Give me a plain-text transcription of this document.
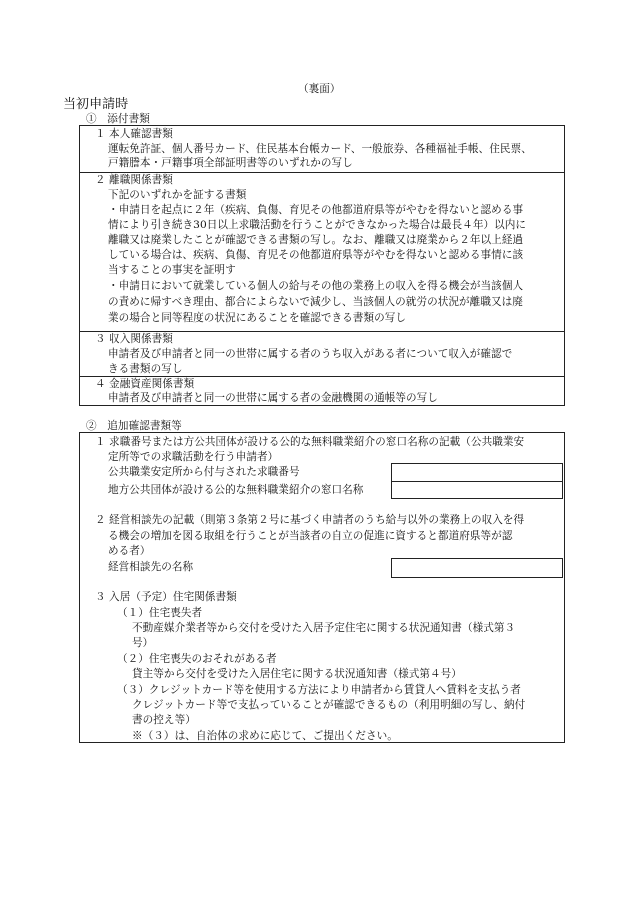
（裏面）
当初申請時
①　添付書類
１ 本人確認書類
運転免許証、個人番号カード、住民基本台帳カード、一般旅券、各種福祉手帳、住民票、
戸籍謄本・戸籍事項全部証明書等のいずれかの写し
２ 離職関係書類
下記のいずれかを証する書類
・申請日を起点に２年（疾病、負傷、育児その他都道府県等がやむを得ないと認める事
情により引き続き30日以上求職活動を行うことができなかった場合は最長４年）以内に
離職又は廃業したことが確認できる書類の写し。なお、離職又は廃業から２年以上経過
している場合は、疾病、負傷、育児その他都道府県等がやむを得ないと認める事情に該
当することの事実を証明す
・申請日において就業している個人の給与その他の業務上の収入を得る機会が当該個人
の責めに帰すべき理由、都合によらないで減少し、当該個人の就労の状況が離職又は廃
業の場合と同等程度の状況にあることを確認できる書類の写し
３ 収入関係書類
申請者及び申請者と同一の世帯に属する者のうち収入がある者について収入が確認で
きる書類の写し
４ 金融資産関係書類
申請者及び申請者と同一の世帯に属する者の金融機関の通帳等の写し
②　追加確認書類等
１ 求職番号または方公共団体が設ける公的な無料職業紹介の窓口名称の記載（公共職業安
定所等での求職活動を行う申請者）
公共職業安定所から付与された求職番号
地方公共団体が設ける公的な無料職業紹介の窓口名称
２ 経営相談先の記載（則第３条第２号に基づく申請者のうち給与以外の業務上の収入を得
る機会の増加を図る取組を行うことが当該者の自立の促進に資すると都道府県等が認
める者）
経営相談先の名称
３ 入居（予定）住宅関係書類
（１）住宅喪失者
不動産媒介業者等から交付を受けた入居予定住宅に関する状況通知書（様式第３
号）
（２）住宅喪失のおそれがある者
貸主等から交付を受けた入居住宅に関する状況通知書（様式第４号）
（３）クレジットカード等を使用する方法により申請者から賃貸人へ賃料を支払う者
クレジットカード等で支払っていることが確認できるもの（利用明細の写し、納付
書の控え等）
※（３）は、自治体の求めに応じて、ご提出ください。
